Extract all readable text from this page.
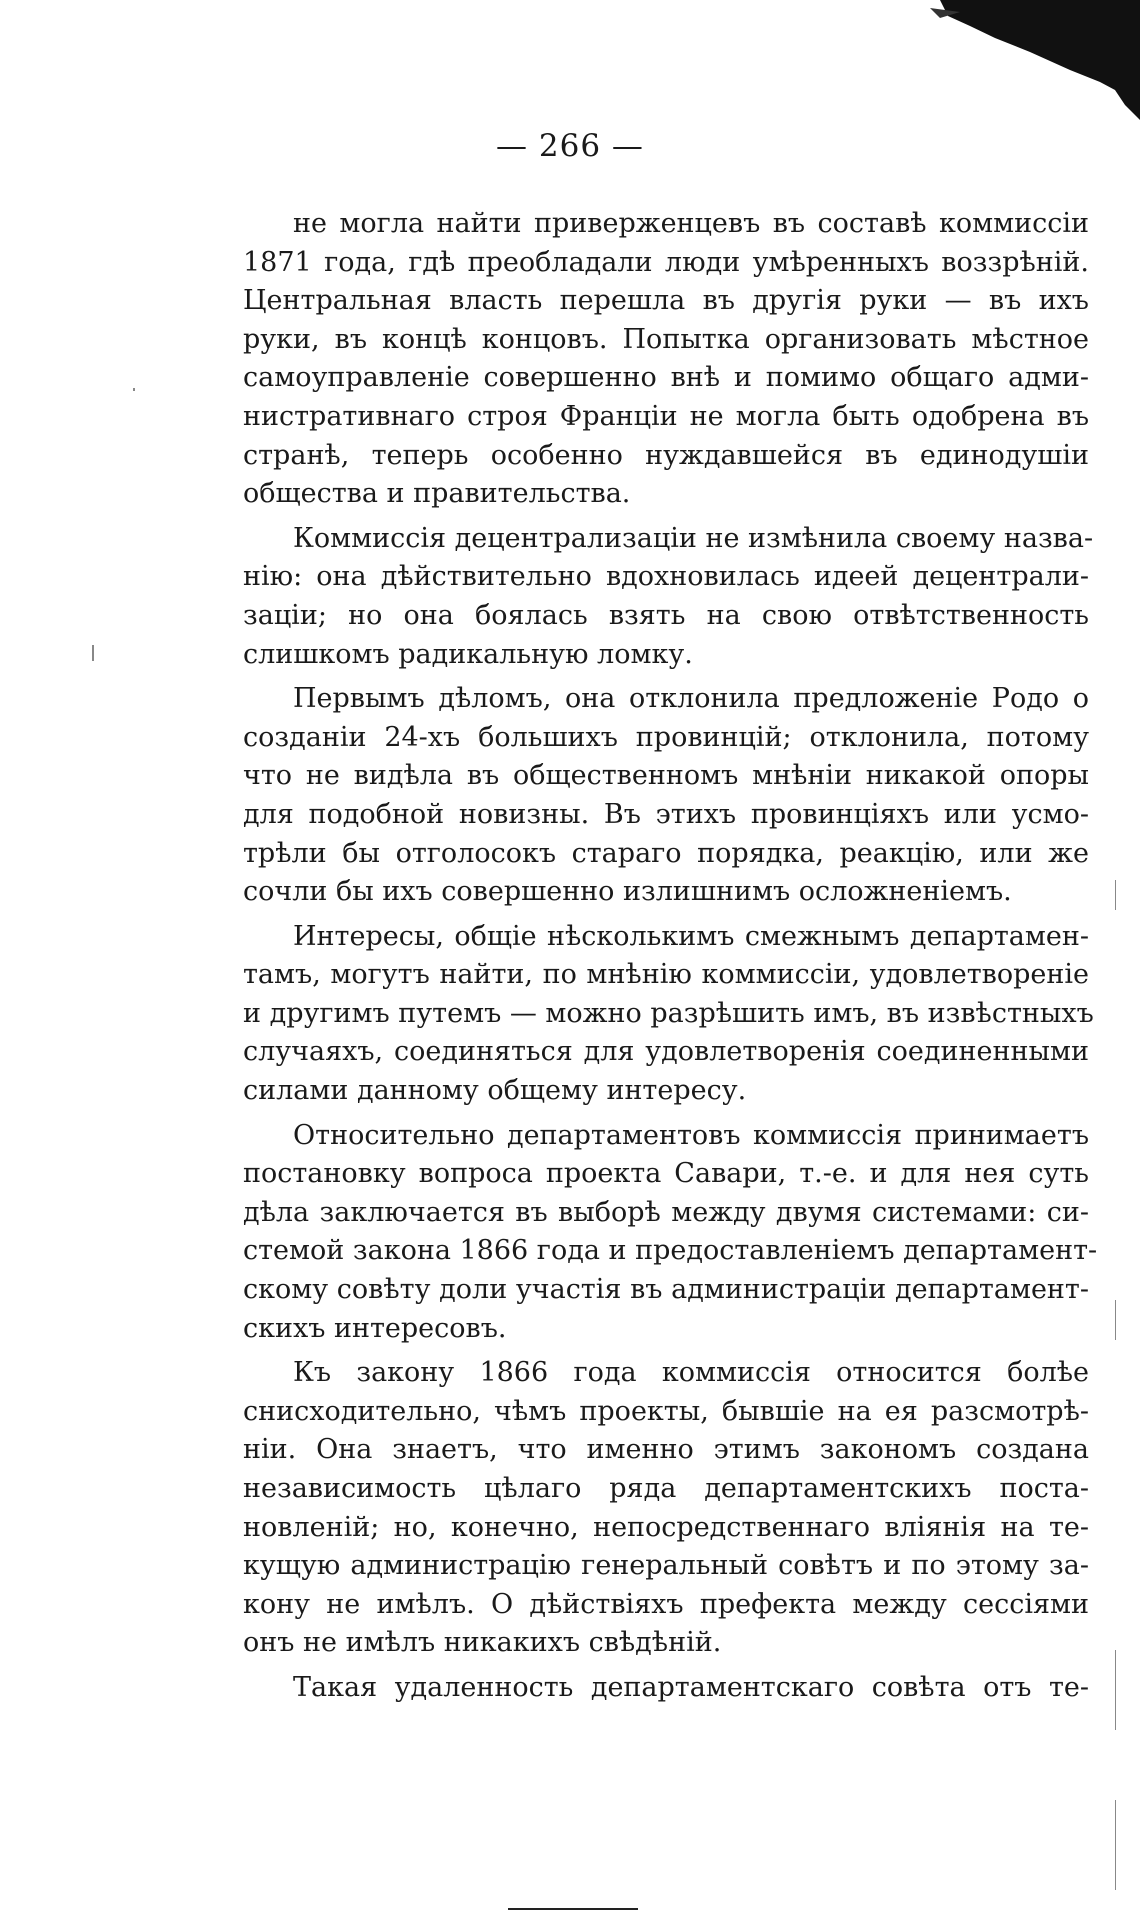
— 266 —

не могла найти приверженцевъ въ составѣ коммиссіи
1871 года, гдѣ преобладали люди умѣренныхъ воззрѣній.
Центральная власть перешла въ другія руки — въ ихъ
руки, въ концѣ концовъ. Попытка организовать мѣстное
самоуправленіе совершенно внѣ и помимо общаго адми-
нистративнаго строя Франціи не могла быть одобрена въ
странѣ, теперь особенно нуждавшейся въ единодушіи
общества и правительства.

Коммиссія децентрализаціи не измѣнила своему назва-
нію: она дѣйствительно вдохновилась идеей децентрали-
заціи; но она боялась взять на свою отвѣтственность
слишкомъ радикальную ломку.

Первымъ дѣломъ, она отклонила предложеніе Родо о
созданіи 24-хъ большихъ провинцій; отклонила, потому
что не видѣла въ общественномъ мнѣніи никакой опоры
для подобной новизны. Въ этихъ провинціяхъ или усмо-
трѣли бы отголосокъ стараго порядка, реакцію, или же
сочли бы ихъ совершенно излишнимъ осложненіемъ.

Интересы, общіе нѣсколькимъ смежнымъ департамен-
тамъ, могутъ найти, по мнѣнію коммиссіи, удовлетвореніе
и другимъ путемъ — можно разрѣшить имъ, въ извѣстныхъ
случаяхъ, соединяться для удовлетворенія соединенными
силами данному общему интересу.

Относительно департаментовъ коммиссія принимаетъ
постановку вопроса проекта Савари, т.-е. и для нея суть
дѣла заключается въ выборѣ между двумя системами: си-
стемой закона 1866 года и предоставленіемъ департамент-
скому совѣту доли участія въ администраціи департамент-
скихъ интересовъ.

Къ закону 1866 года коммиссія относится болѣе
снисходительно, чѣмъ проекты, бывшіе на ея разсмотрѣ-
ніи. Она знаетъ, что именно этимъ закономъ создана
независимость цѣлаго ряда департаментскихъ поста-
новленій; но, конечно, непосредственнаго вліянія на те-
кущую администрацію генеральный совѣтъ и по этому за-
кону не имѣлъ. О дѣйствіяхъ префекта между сессіями
онъ не имѣлъ никакихъ свѣдѣній.

Такая удаленность департаментскаго совѣта отъ те-
